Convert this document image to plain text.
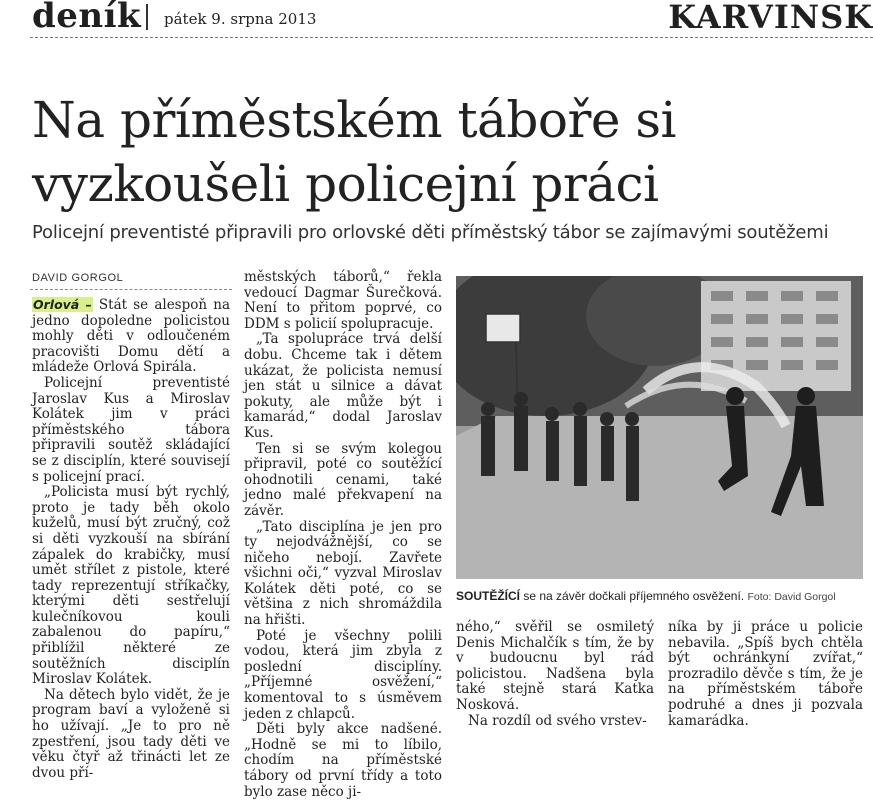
deník pátek 9. srpna 2013	KARVINSK
Na příměstském táboře si
vyzkoušeli policejní práci
Policejní preventisté připravili pro orlovské děti příměstský tábor se zajímavými soutěžemi
DAVID GORGOL

Orlová – Stát se alespoň na jedno dopoledne policistou mohly děti v odloučeném pracovišti Domu dětí a mládeže Orlová Spirála.

Policejní preventisté Jaroslav Kus a Miroslav Kolátek jim v práci příměstského tábora připravili soutěž skládající se z disciplín, které souvisejí s policejní prací.

„Policista musí být rychlý, proto je tady běh okolo kuželů, musí být zručný, což si děti vyzkouší na sbírání zápalek do krabičky, musí umět střílet z pistole, které tady reprezentují stříkačky, kterými děti sestřelují kulečníkovou kouli zabalenou do papíru,“ přiblížil některé ze soutěžních disciplín Miroslav Kolátek.

Na dětech bylo vidět, že je program baví a vyloženě si ho užívají. „Je to pro ně zpestření, jsou tady děti ve věku čtyř až třinácti let ze dvou pří-

městských táborů,“ řekla vedoucí Dagmar Šurečková. Není to přitom poprvé, co DDM s policií spolupracuje.

„Ta spolupráce trvá delší dobu. Chceme tak i dětem ukázat, že policista nemusí jen stát u silnice a dávat pokuty, ale může být i kamarád,“ dodal Jaroslav Kus.

Ten si se svým kolegou připravil, poté co soutěžící ohodnotili cenami, také jedno malé překvapení na závěr.

„Tato disciplína je jen pro ty nejodvážnější, co se ničeho nebojí. Zavřete všichni oči,“ vyzval Miroslav Kolátek děti poté, co se většina z nich shromáždila na hřišti.

Poté je všechny polili vodou, která jim zbyla z poslední disciplíny. „Příjemné osvěžení,“ komentoval to s úsměvem jeden z chlapců.

Děti byly akce nadšené. „Hodně se mi to líbilo, chodím na příměstské tábory od první třídy a toto bylo zase něco ji-

SOUTĚŽÍCÍ se na závěr dočkali příjemného osvěžení. Foto: David Gorgol

ného,“ svěřil se osmiletý Denis Michalčík s tím, že by v budoucnu byl rád policistou. Nadšena byla také stejně stará Katka Nosková.

Na rozdíl od svého vrstev-

níka by ji práce u policie nebavila. „Spíš bych chtěla být ochránkyní zvířat,“ prozradilo děvče s tím, že je na příměstském táboře podruhé a dnes ji pozvala kamarádka.
